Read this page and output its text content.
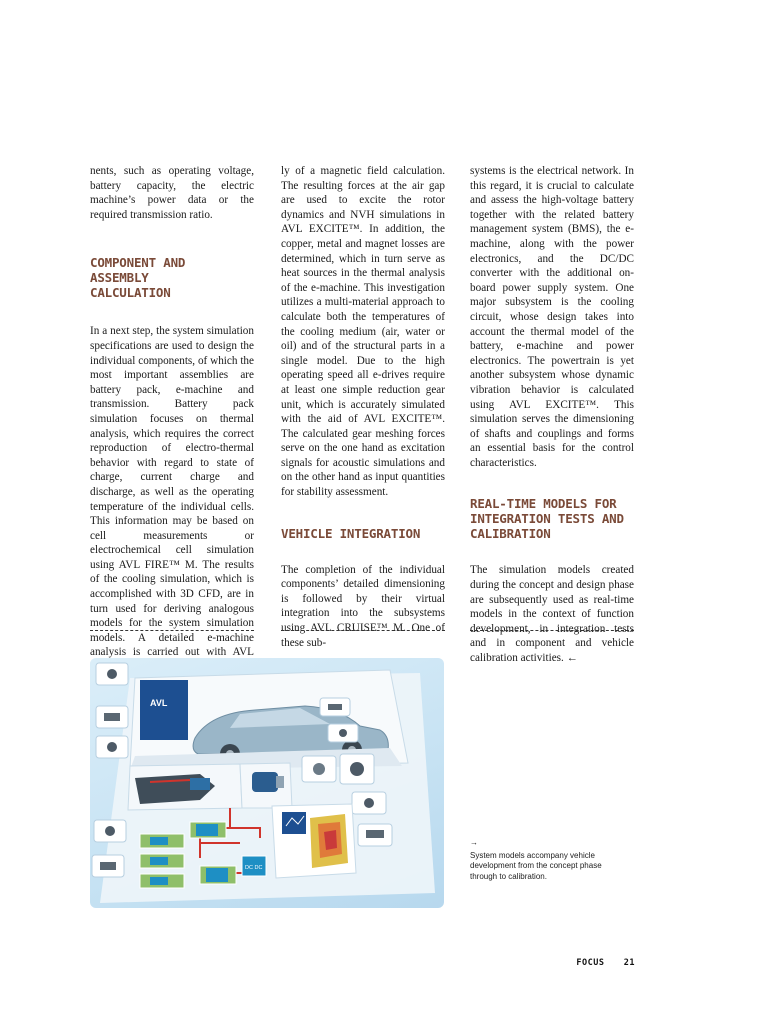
nents, such as operating voltage, battery capacity, the electric machine’s power data or the required transmission ratio.

COMPONENT AND ASSEMBLY CALCULATION

In a next step, the system simulation specifications are used to design the individual components, of which the most important assemblies are battery pack, e-machine and transmission. Battery pack simulation focuses on thermal analysis, which requires the correct reproduction of electro-thermal behavior with regard to state of charge, current charge and discharge, as well as the operating temperature of the individual cells. This information may be based on cell measurements or electrochemical cell simulation using AVL FIRE™ M. The results of the cooling simulation, which is accomplished with 3D CFD, are in turn used for deriving analogous models for the system simulation models. A detailed e-machine analysis is carried out with AVL

ly of a magnetic field calculation. The resulting forces at the air gap are used to excite the rotor dynamics and NVH simulations in AVL EXCITE™. In addition, the copper, metal and magnet losses are determined, which in turn serve as heat sources in the thermal analysis of the e-machine. This investigation utilizes a multi-material approach to calculate both the temperatures of the cooling medium (air, water or oil) and of the structural parts in a single model. Due to the high operating speed all e-drives require at least one simple reduction gear unit, which is accurately simulated with the aid of AVL EXCITE™. The calculated gear meshing forces serve on the one hand as excitation signals for acoustic simulations and on the other hand as input quantities for stability assessment.

VEHICLE INTEGRATION

The completion of the individual components’ detailed dimensioning is followed by their virtual integration into the subsystems using AVL CRUISE™ M. One of these sub-

systems is the electrical network. In this regard, it is crucial to calculate and assess the high-voltage battery together with the related battery management system (BMS), the e-machine, along with the power electronics, and the DC/DC converter with the additional on-board power supply system. One major subsystem is the cooling circuit, whose design takes into account the thermal model of the battery, e-machine and power electronics. The powertrain is yet another subsystem whose dynamic vibration behavior is calculated using AVL EXCITE™. This simulation serves the dimensioning of shafts and couplings and forms an essential basis for the control characteristics.

REAL-TIME MODELS FOR INTEGRATION TESTS AND CALIBRATION

The simulation models created during the concept and design phase are subsequently used as real-time models in the context of function development, in integration tests and in component and vehicle calibration activities. ←

AVL
DC DC
→
System models accompany vehicle development from the concept phase through to calibration.
FOCUS 21
